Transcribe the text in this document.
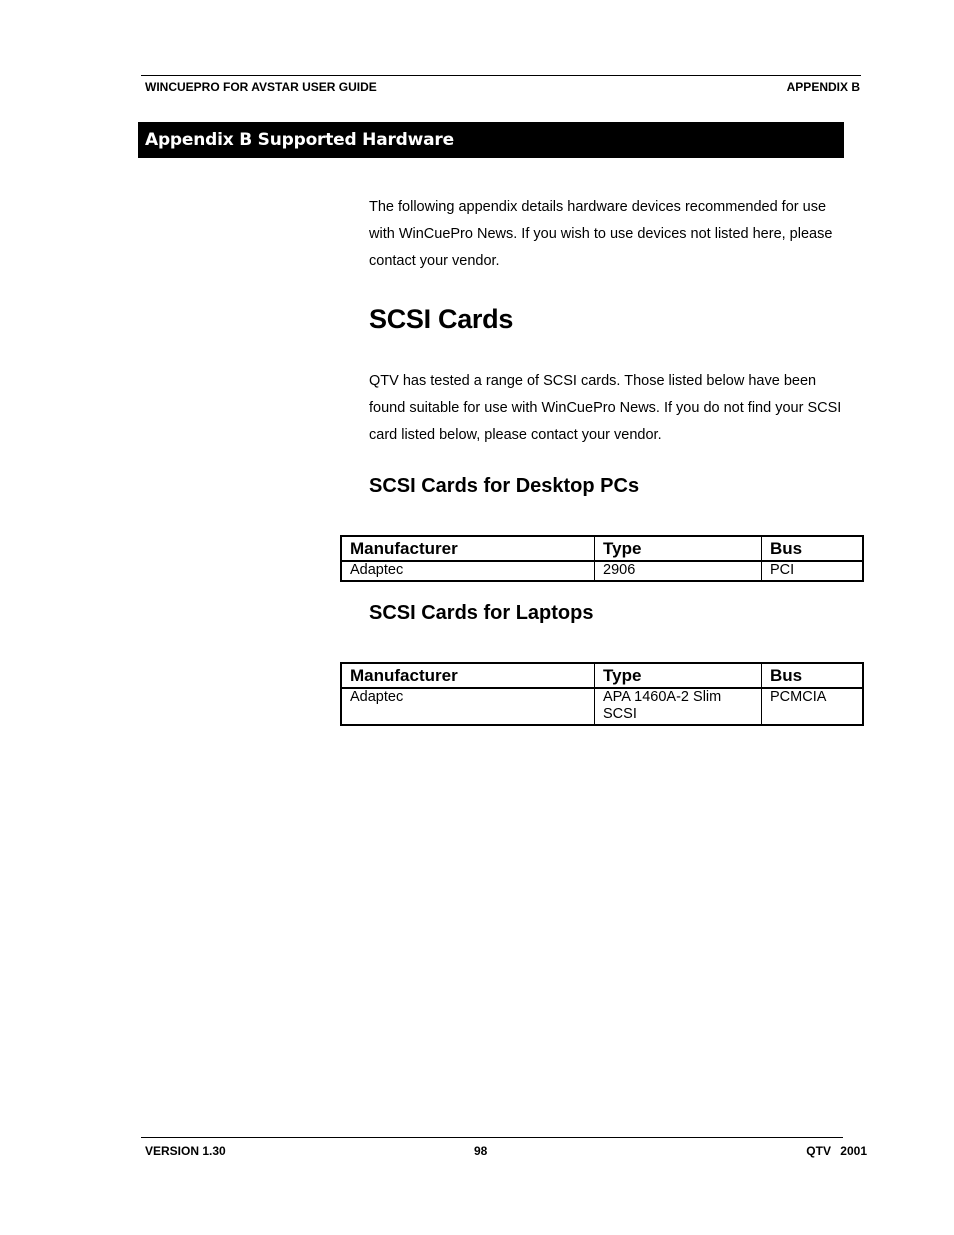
WINCUEPRO FOR AVSTAR USER GUIDE	APPENDIX B
Appendix B Supported Hardware

The following appendix details hardware devices recommended for use with WinCuePro News. If you wish to use devices not listed here, please contact your vendor.

SCSI Cards

QTV has tested a range of SCSI cards. Those listed below have been found suitable for use with WinCuePro News. If you do not find your SCSI card listed below, please contact your vendor.

SCSI Cards for Desktop PCs
Manufacturer	Type	Bus
Adaptec	2906	PCI
SCSI Cards for Laptops
Manufacturer	Type	Bus
Adaptec	APA 1460A-2 Slim SCSI	PCMCIA
VERSION 1.30	98	QTV 2001
